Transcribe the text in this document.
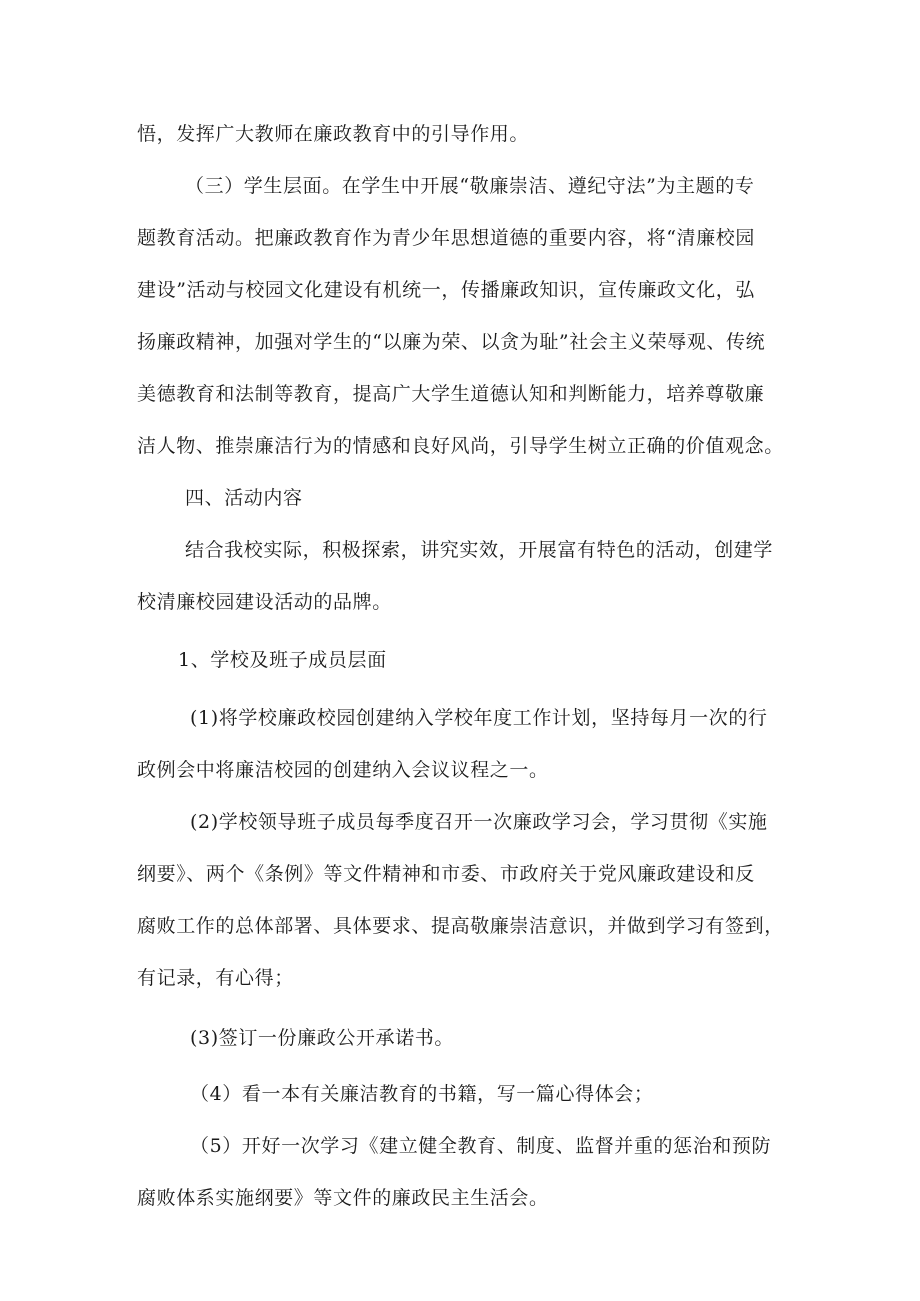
悟，发挥广大教师在廉政教育中的引导作用。
（三）学生层面。在学生中开展“敬廉崇洁、遵纪守法”为主题的专
题教育活动。把廉政教育作为青少年思想道德的重要内容，将“清廉校园
建设”活动与校园文化建设有机统一，传播廉政知识，宣传廉政文化，弘
扬廉政精神，加强对学生的“以廉为荣、以贪为耻”社会主义荣辱观、传统
美德教育和法制等教育，提高广大学生道德认知和判断能力，培养尊敬廉
洁人物、推崇廉洁行为的情感和良好风尚，引导学生树立正确的价值观念。
四、活动内容
结合我校实际，积极探索，讲究实效，开展富有特色的活动，创建学
校清廉校园建设活动的品牌。
1、学校及班子成员层面
(1)将学校廉政校园创建纳入学校年度工作计划，坚持每月一次的行
政例会中将廉洁校园的创建纳入会议议程之一。
(2)学校领导班子成员每季度召开一次廉政学习会，学习贯彻《实施
纲要》、两个《条例》等文件精神和市委、市政府关于党风廉政建设和反
腐败工作的总体部署、具体要求、提高敬廉崇洁意识，并做到学习有签到，
有记录，有心得；
(3)签订一份廉政公开承诺书。
（4）看一本有关廉洁教育的书籍，写一篇心得体会；
（5）开好一次学习《建立健全教育、制度、监督并重的惩治和预防
腐败体系实施纲要》等文件的廉政民主生活会。
